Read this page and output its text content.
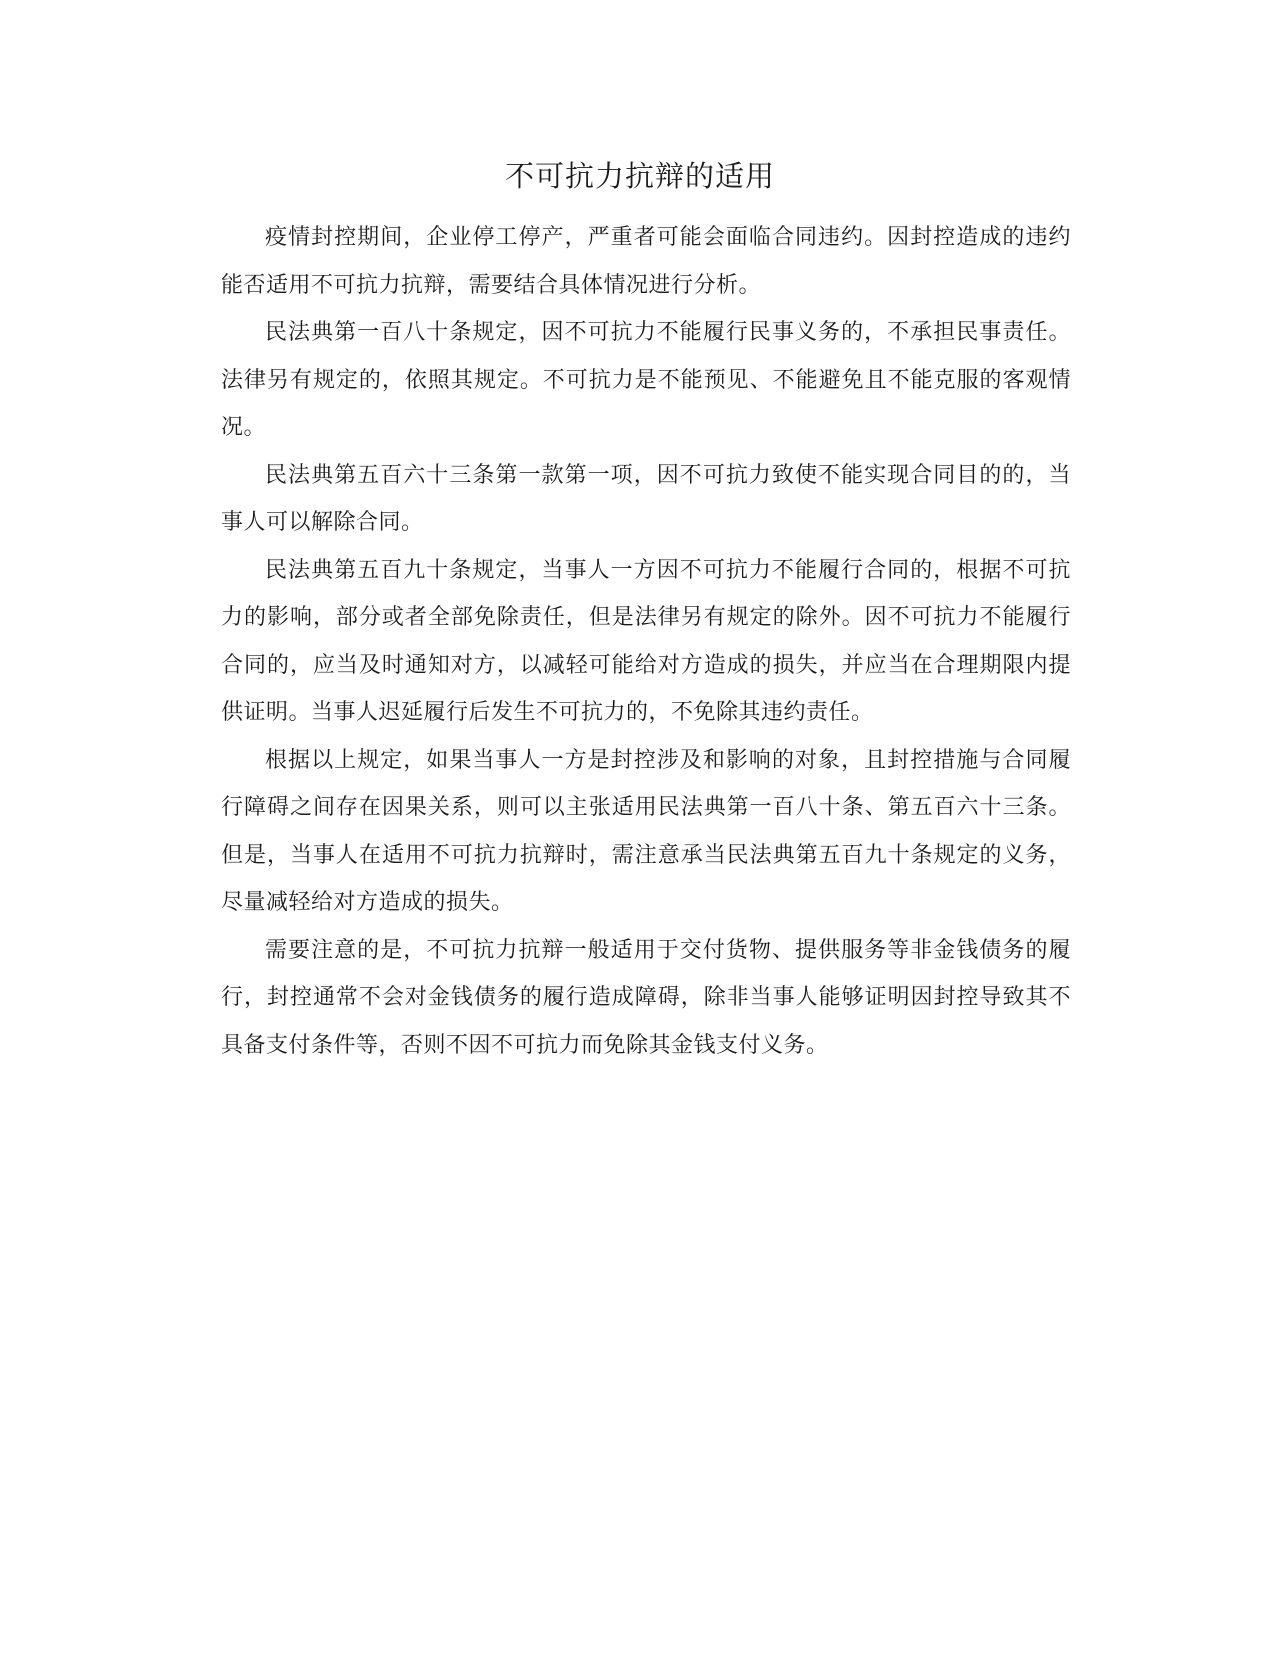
不可抗力抗辩的适用

疫情封控期间，企业停工停产，严重者可能会面临合同违约。因封控造成的违约能否适用不可抗力抗辩，需要结合具体情况进行分析。

民法典第一百八十条规定，因不可抗力不能履行民事义务的，不承担民事责任。法律另有规定的，依照其规定。不可抗力是不能预见、不能避免且不能克服的客观情况。

民法典第五百六十三条第一款第一项，因不可抗力致使不能实现合同目的的，当事人可以解除合同。

民法典第五百九十条规定，当事人一方因不可抗力不能履行合同的，根据不可抗力的影响，部分或者全部免除责任，但是法律另有规定的除外。因不可抗力不能履行合同的，应当及时通知对方，以减轻可能给对方造成的损失，并应当在合理期限内提供证明。当事人迟延履行后发生不可抗力的，不免除其违约责任。

根据以上规定，如果当事人一方是封控涉及和影响的对象，且封控措施与合同履行障碍之间存在因果关系，则可以主张适用民法典第一百八十条、第五百六十三条。但是，当事人在适用不可抗力抗辩时，需注意承当民法典第五百九十条规定的义务，尽量减轻给对方造成的损失。

需要注意的是，不可抗力抗辩一般适用于交付货物、提供服务等非金钱债务的履行，封控通常不会对金钱债务的履行造成障碍，除非当事人能够证明因封控导致其不具备支付条件等，否则不因不可抗力而免除其金钱支付义务。
